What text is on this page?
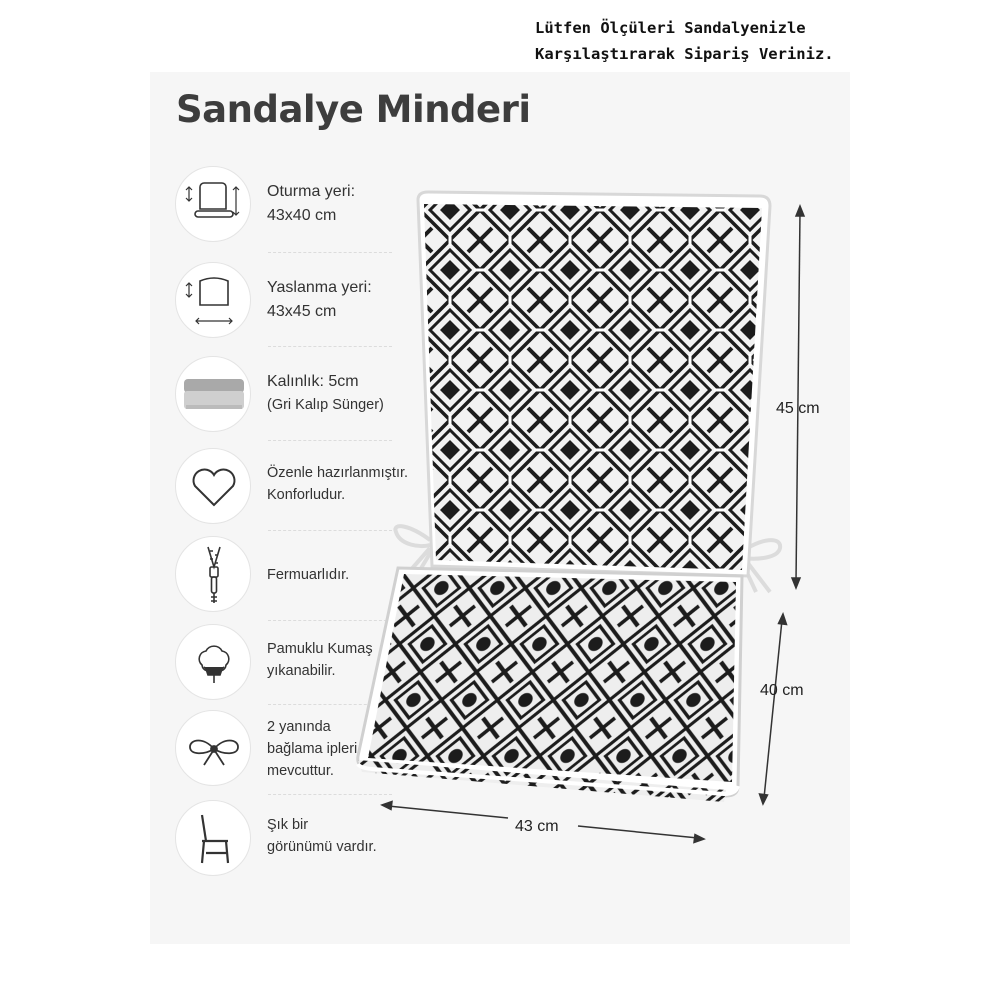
Lütfen Ölçüleri Sandalyenizle
Karşılaştırarak Sipariş Veriniz.
Sandalye Minderi
Oturma yeri:
43x40 cm
Yaslanma yeri:
43x45 cm
Kalınlık: 5cm
(Gri Kalıp Sünger)
Özenle hazırlanmıştır.
Konforludur.
Fermuarlıdır.
Pamuklu Kumaş
yıkanabilir.
2 yanında
bağlama ipleri
mevcuttur.
Şık bir
görünümü vardır.
45 cm
40 cm
43 cm
